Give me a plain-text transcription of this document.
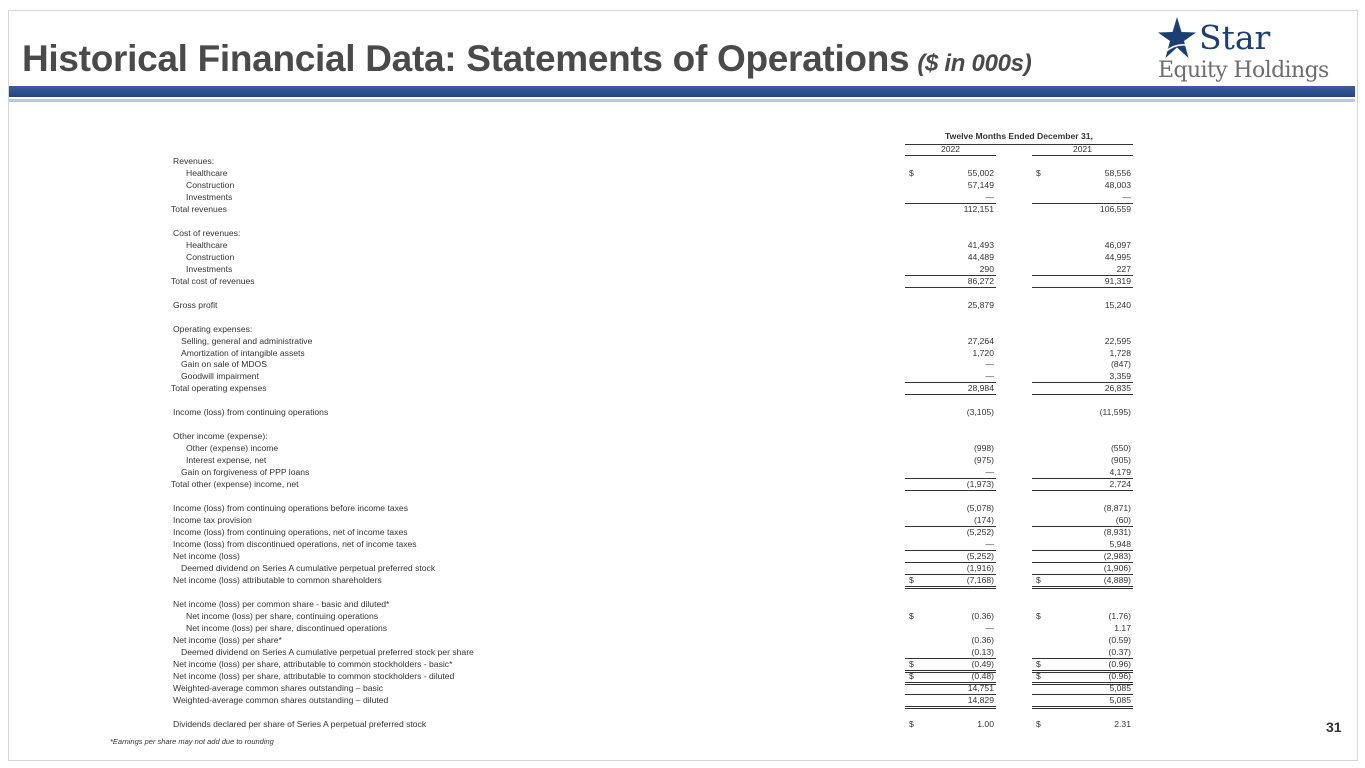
Historical Financial Data: Statements of Operations ($ in 000s)
Star
Equity Holdings
Twelve Months Ended December 31,
2022	2021
Revenues:
Healthcare	$	55,002	$	58,556
Construction	57,149	48,003
Investments	—	—
Total revenues	112,151	106,559
Cost of revenues:
Healthcare	41,493	46,097
Construction	44,489	44,995
Investments	290	227
Total cost of revenues	86,272	91,319
Gross profit	25,879	15,240
Operating expenses:
Selling, general and administrative	27,264	22,595
Amortization of intangible assets	1,720	1,728
Gain on sale of MDOS	—	(847)
Goodwill impairment	—	3,359
Total operating expenses	28,984	26,835
Income (loss) from continuing operations	(3,105)	(11,595)
Other income (expense):
Other (expense) income	(998)	(550)
Interest expense, net	(975)	(905)
Gain on forgiveness of PPP loans	—	4,179
Total other (expense) income, net	(1,973)	2,724
Income (loss) from continuing operations before income taxes	(5,078)	(8,871)
Income tax provision	(174)	(60)
Income (loss) from continuing operations, net of income taxes	(5,252)	(8,931)
Income (loss) from discontinued operations, net of income taxes	—	5,948
Net income (loss)	(5,252)	(2,983)
Deemed dividend on Series A cumulative perpetual preferred stock	(1,916)	(1,906)
Net income (loss) attributable to common shareholders	$	(7,168)	$	(4,889)
Net income (loss) per common share - basic and diluted*
Net income (loss) per share, continuing operations	$	(0.36)	$	(1.76)
Net income (loss) per share, discontinued operations	—	1.17
Net income (loss) per share*	(0.36)	(0.59)
Deemed dividend on Series A cumulative perpetual preferred stock per share	(0.13)	(0.37)
Net income (loss) per share, attributable to common stockholders - basic*	$	(0.49)	$	(0.96)
Net income (loss) per share, attributable to common stockholders - diluted	$	(0.48)	$	(0.96)
Weighted-average common shares outstanding – basic	14,751	5,085
Weighted-average common shares outstanding – diluted	14,829	5,085
Dividends declared per share of Series A perpetual preferred stock	$	1.00	$	2.31
*Earnings per share may not add due to rounding
31
